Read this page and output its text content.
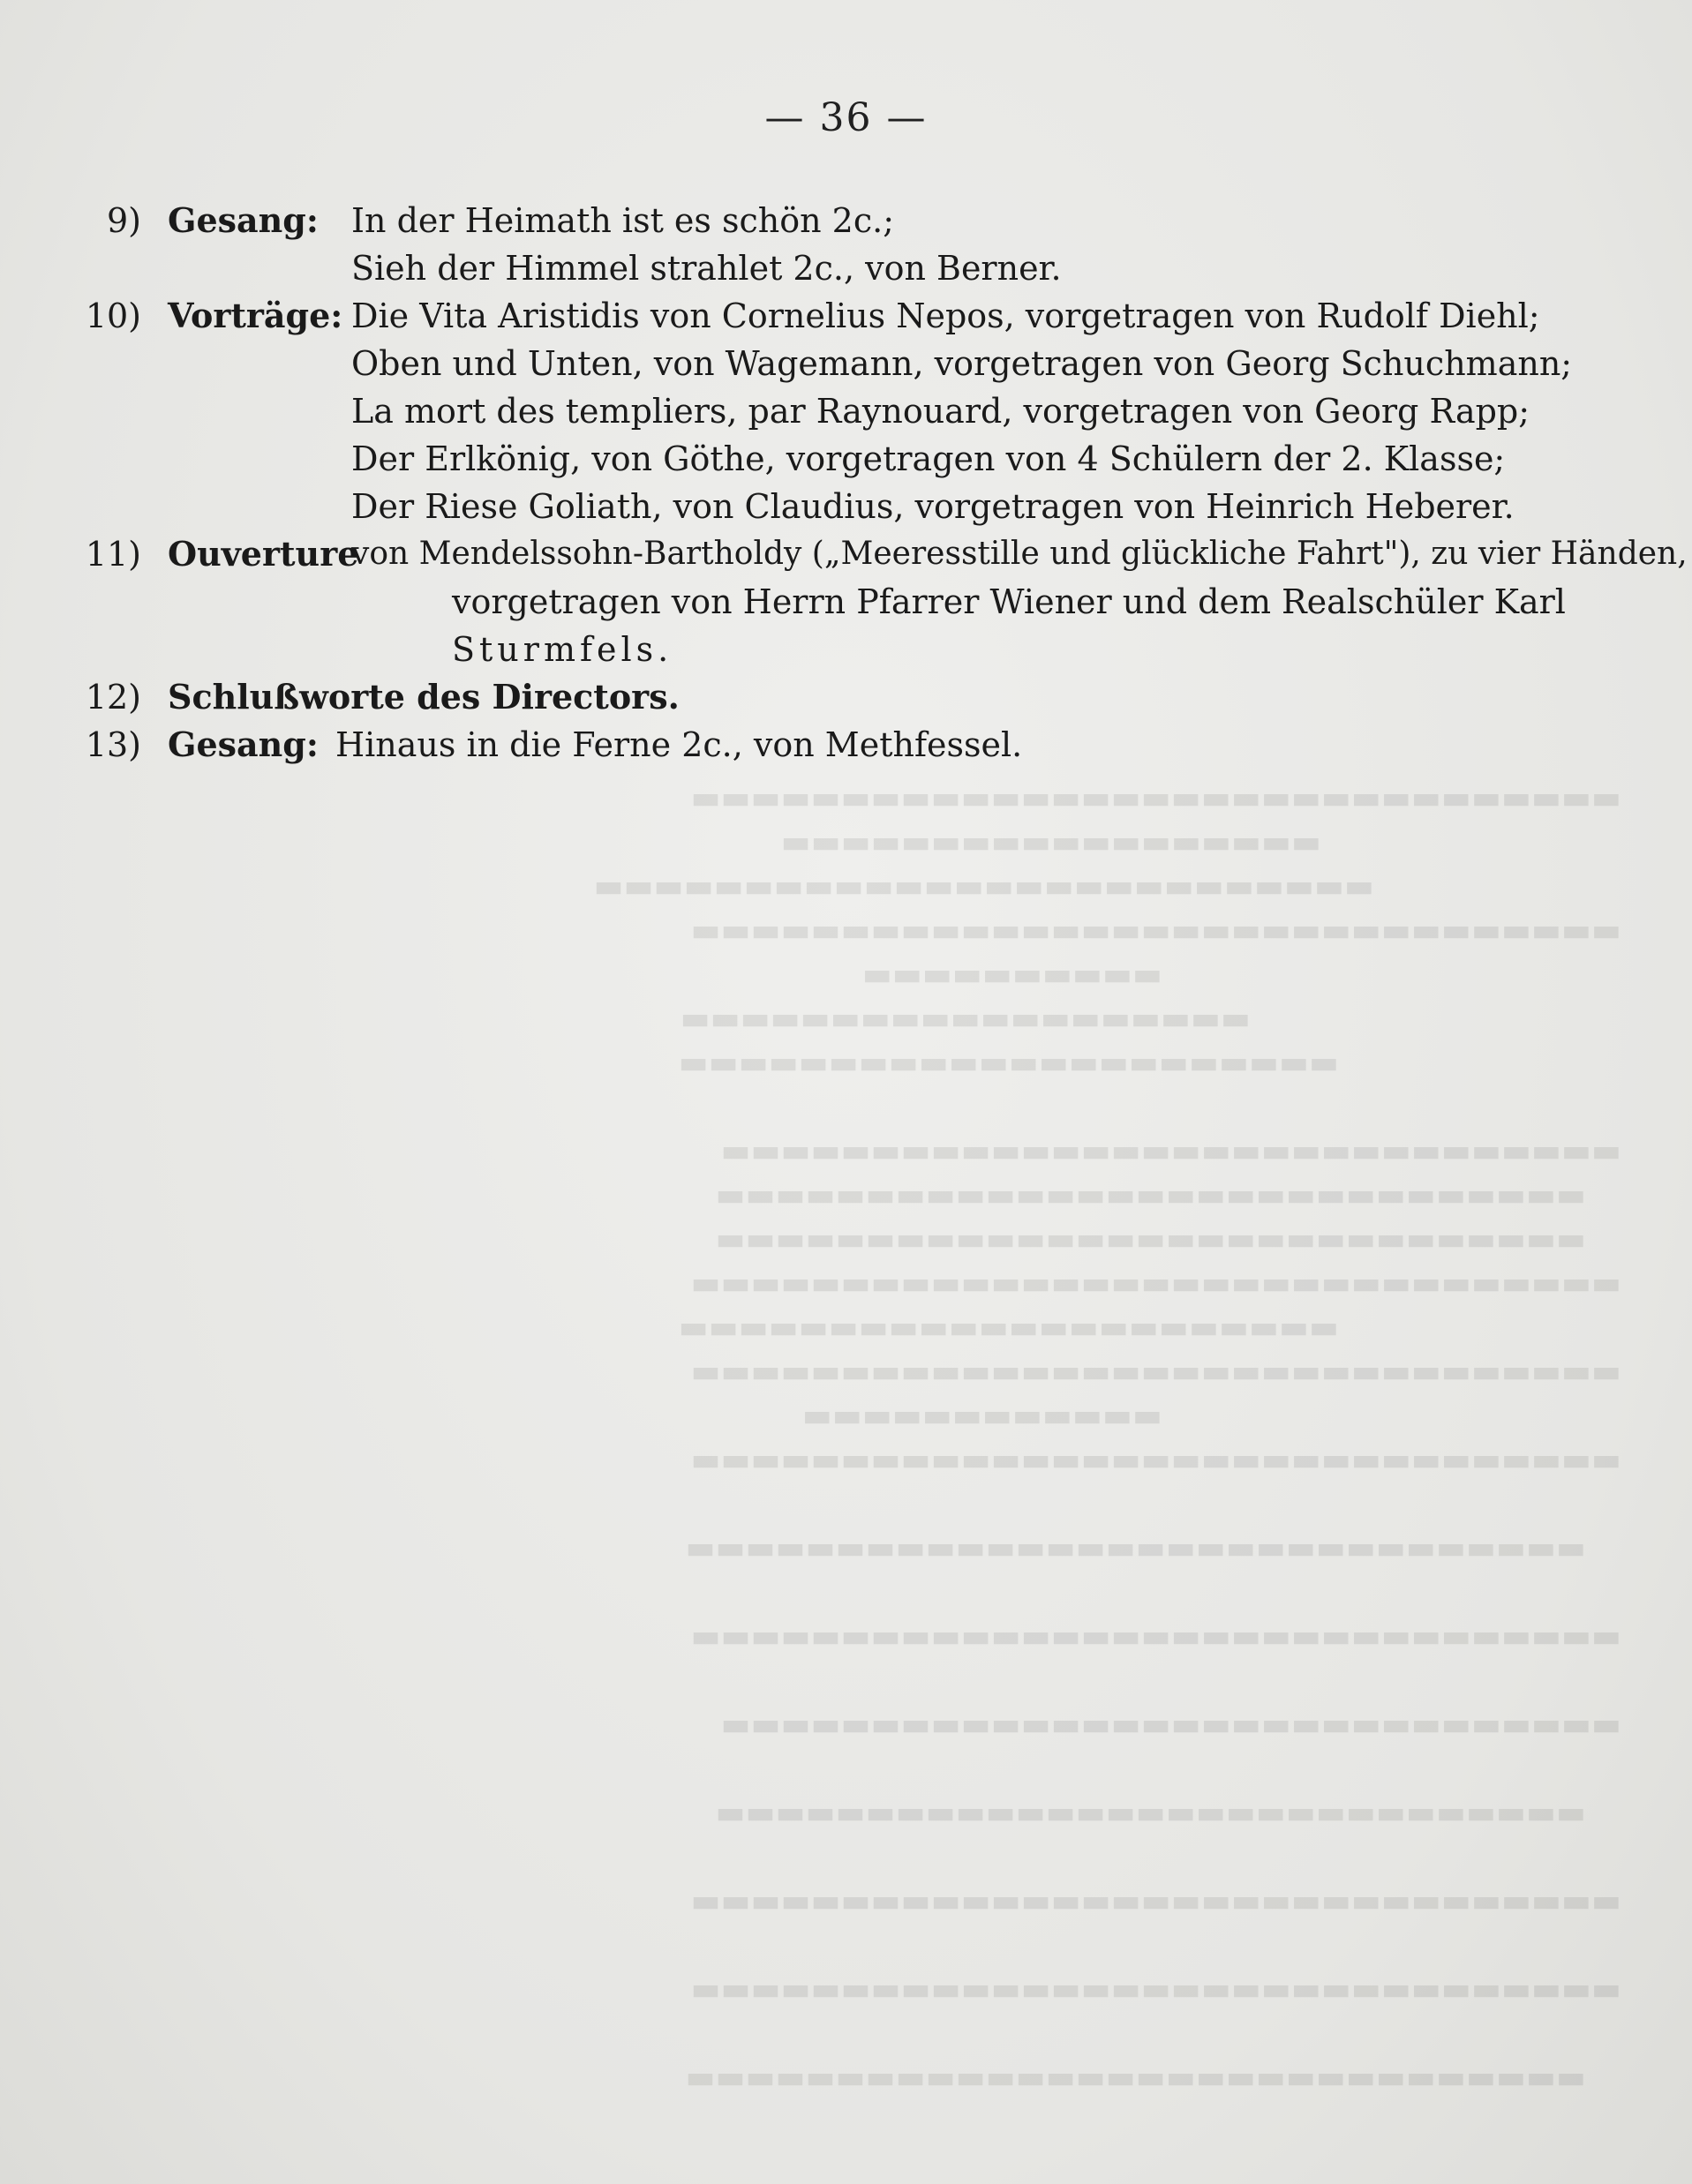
— 36 —
9) Gesang: In der Heimath ist es schön 2c.;
Sieh der Himmel strahlet 2c., von Berner.
10) Vorträge: Die Vita Aristidis von Cornelius Nepos, vorgetragen von Rudolf Diehl;
Oben und Unten, von Wagemann, vorgetragen von Georg Schuchmann;
La mort des templiers, par Raynouard, vorgetragen von Georg Rapp;
Der Erlkönig, von Göthe, vorgetragen von 4 Schülern der 2. Klasse;
Der Riese Goliath, von Claudius, vorgetragen von Heinrich Heberer.
11) Ouverture
von Mendelssohn-Bartholdy („Meeresstille und glückliche Fahrt"), zu vier Händen,
vorgetragen von Herrn Pfarrer Wiener und dem Realschüler Karl
Sturmfels.
12) Schlußworte des Directors.
13) Gesang: Hinaus in die Ferne 2c., von Methfessel.
▬▬▬▬▬▬▬▬▬▬▬▬▬▬▬▬▬▬▬▬▬▬▬▬▬▬▬▬▬▬▬
▬▬▬▬▬▬▬▬▬▬▬▬▬▬▬▬▬▬
▬▬▬▬▬▬▬▬▬▬▬▬▬▬▬▬▬▬▬▬▬▬▬▬▬▬
▬▬▬▬▬▬▬▬▬▬▬▬▬▬▬▬▬▬▬▬▬▬▬▬▬▬▬▬▬▬▬
▬▬▬▬▬▬▬▬▬▬
▬▬▬▬▬▬▬▬▬▬▬▬▬▬▬▬▬▬▬
▬▬▬▬▬▬▬▬▬▬▬▬▬▬▬▬▬▬▬▬▬▬
▬▬▬▬▬▬▬▬▬▬▬▬▬▬▬▬▬▬▬▬▬▬▬▬▬▬▬▬▬▬
▬▬▬▬▬▬▬▬▬▬▬▬▬▬▬▬▬▬▬▬▬▬▬▬▬▬▬▬▬
▬▬▬▬▬▬▬▬▬▬▬▬▬▬▬▬▬▬▬▬▬▬▬▬▬▬▬▬▬
▬▬▬▬▬▬▬▬▬▬▬▬▬▬▬▬▬▬▬▬▬▬▬▬▬▬▬▬▬▬▬
▬▬▬▬▬▬▬▬▬▬▬▬▬▬▬▬▬▬▬▬▬▬
▬▬▬▬▬▬▬▬▬▬▬▬▬▬▬▬▬▬▬▬▬▬▬▬▬▬▬▬▬▬▬
▬▬▬▬▬▬▬▬▬▬▬▬
▬▬▬▬▬▬▬▬▬▬▬▬▬▬▬▬▬▬▬▬▬▬▬▬▬▬▬▬▬▬▬
▬▬▬▬▬▬▬▬▬▬▬▬▬▬▬▬▬▬▬▬▬▬▬▬▬▬▬▬▬▬
▬▬▬▬▬▬▬▬▬▬▬▬▬▬▬▬▬▬▬▬▬▬▬▬▬▬▬▬▬▬▬
▬▬▬▬▬▬▬▬▬▬▬▬▬▬▬▬▬▬▬▬▬▬▬▬▬▬▬▬▬▬
▬▬▬▬▬▬▬▬▬▬▬▬▬▬▬▬▬▬▬▬▬▬▬▬▬▬▬▬▬
▬▬▬▬▬▬▬▬▬▬▬▬▬▬▬▬▬▬▬▬▬▬▬▬▬▬▬▬▬▬▬
▬▬▬▬▬▬▬▬▬▬▬▬▬▬▬▬▬▬▬▬▬▬▬▬▬▬▬▬▬▬▬
▬▬▬▬▬▬▬▬▬▬▬▬▬▬▬▬▬▬▬▬▬▬▬▬▬▬▬▬▬▬
